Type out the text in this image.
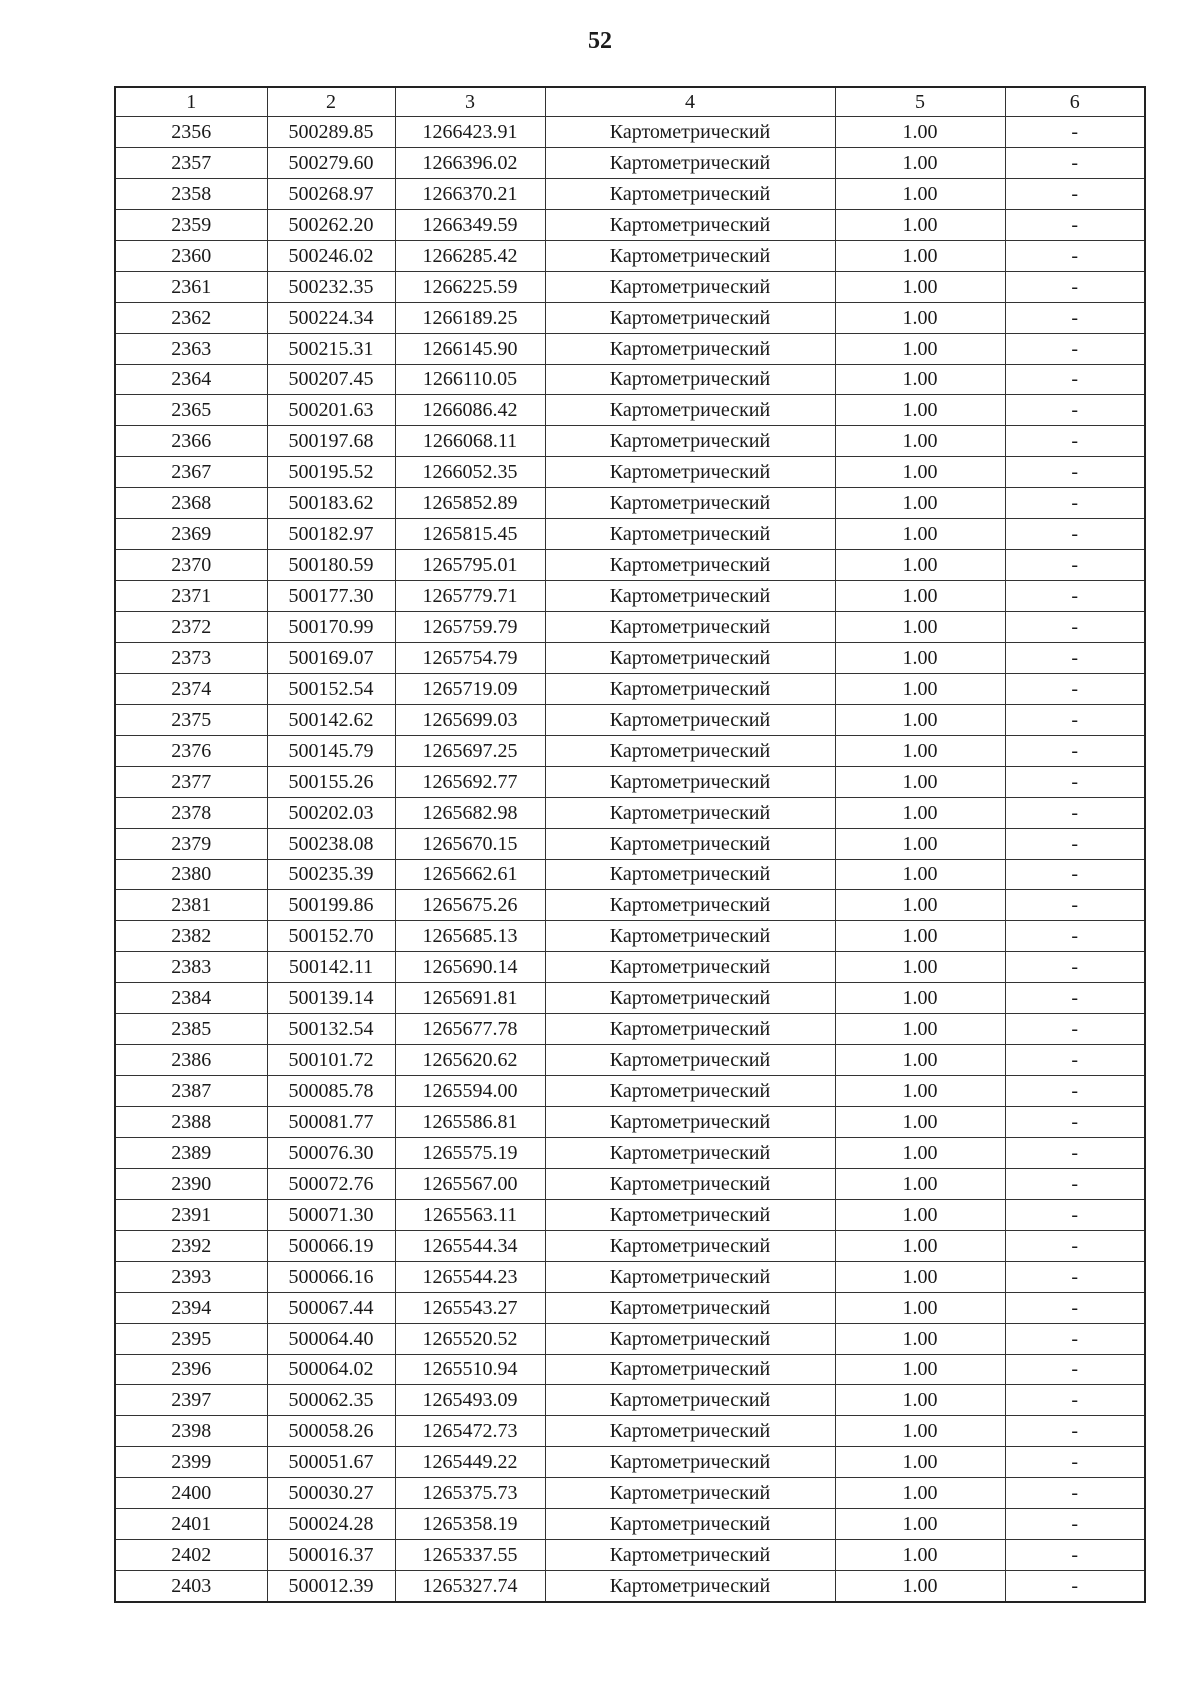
52
1	2	3	4	5	6
2356	500289.85	1266423.91	Картометрический	1.00	-
2357	500279.60	1266396.02	Картометрический	1.00	-
2358	500268.97	1266370.21	Картометрический	1.00	-
2359	500262.20	1266349.59	Картометрический	1.00	-
2360	500246.02	1266285.42	Картометрический	1.00	-
2361	500232.35	1266225.59	Картометрический	1.00	-
2362	500224.34	1266189.25	Картометрический	1.00	-
2363	500215.31	1266145.90	Картометрический	1.00	-
2364	500207.45	1266110.05	Картометрический	1.00	-
2365	500201.63	1266086.42	Картометрический	1.00	-
2366	500197.68	1266068.11	Картометрический	1.00	-
2367	500195.52	1266052.35	Картометрический	1.00	-
2368	500183.62	1265852.89	Картометрический	1.00	-
2369	500182.97	1265815.45	Картометрический	1.00	-
2370	500180.59	1265795.01	Картометрический	1.00	-
2371	500177.30	1265779.71	Картометрический	1.00	-
2372	500170.99	1265759.79	Картометрический	1.00	-
2373	500169.07	1265754.79	Картометрический	1.00	-
2374	500152.54	1265719.09	Картометрический	1.00	-
2375	500142.62	1265699.03	Картометрический	1.00	-
2376	500145.79	1265697.25	Картометрический	1.00	-
2377	500155.26	1265692.77	Картометрический	1.00	-
2378	500202.03	1265682.98	Картометрический	1.00	-
2379	500238.08	1265670.15	Картометрический	1.00	-
2380	500235.39	1265662.61	Картометрический	1.00	-
2381	500199.86	1265675.26	Картометрический	1.00	-
2382	500152.70	1265685.13	Картометрический	1.00	-
2383	500142.11	1265690.14	Картометрический	1.00	-
2384	500139.14	1265691.81	Картометрический	1.00	-
2385	500132.54	1265677.78	Картометрический	1.00	-
2386	500101.72	1265620.62	Картометрический	1.00	-
2387	500085.78	1265594.00	Картометрический	1.00	-
2388	500081.77	1265586.81	Картометрический	1.00	-
2389	500076.30	1265575.19	Картометрический	1.00	-
2390	500072.76	1265567.00	Картометрический	1.00	-
2391	500071.30	1265563.11	Картометрический	1.00	-
2392	500066.19	1265544.34	Картометрический	1.00	-
2393	500066.16	1265544.23	Картометрический	1.00	-
2394	500067.44	1265543.27	Картометрический	1.00	-
2395	500064.40	1265520.52	Картометрический	1.00	-
2396	500064.02	1265510.94	Картометрический	1.00	-
2397	500062.35	1265493.09	Картометрический	1.00	-
2398	500058.26	1265472.73	Картометрический	1.00	-
2399	500051.67	1265449.22	Картометрический	1.00	-
2400	500030.27	1265375.73	Картометрический	1.00	-
2401	500024.28	1265358.19	Картометрический	1.00	-
2402	500016.37	1265337.55	Картометрический	1.00	-
2403	500012.39	1265327.74	Картометрический	1.00	-
